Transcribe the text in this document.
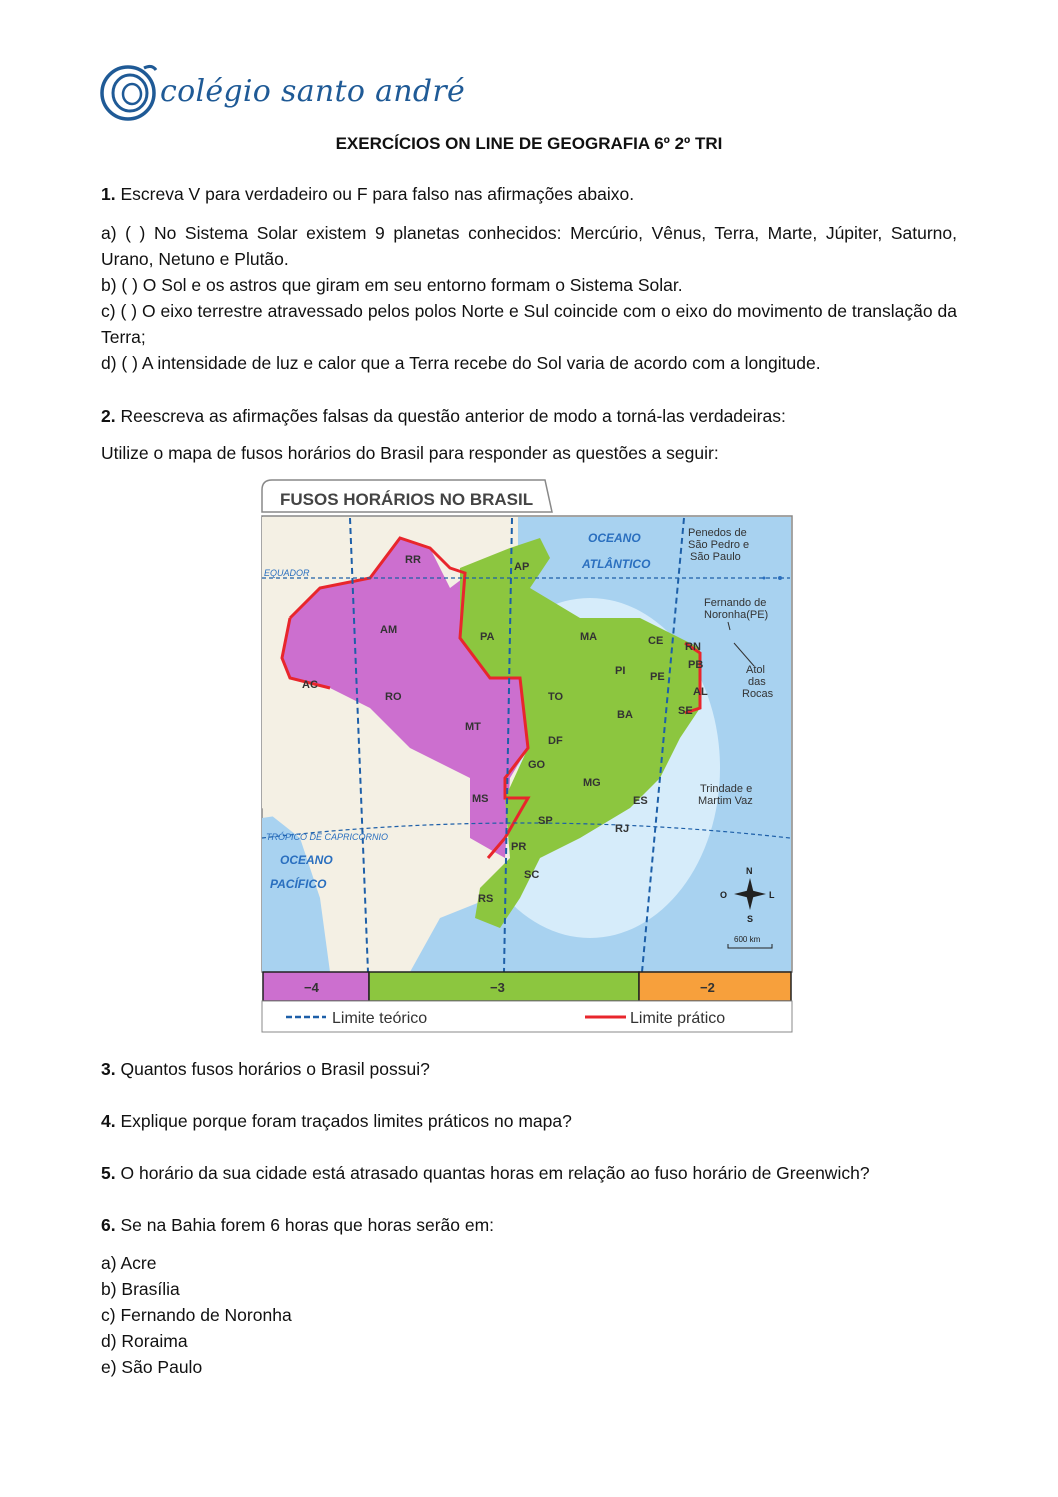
colégio santo andré
EXERCÍCIOS ON LINE DE GEOGRAFIA 6º 2º TRI
1. Escreva V para verdadeiro ou F para falso nas afirmações abaixo.
a) ( ) No Sistema Solar existem 9 planetas conhecidos: Mercúrio, Vênus, Terra, Marte, Júpiter, Saturno, Urano, Netuno e Plutão.
b) ( ) O Sol e os astros que giram em seu entorno formam o Sistema Solar.
c) ( ) O eixo terrestre atravessado pelos polos Norte e Sul coincide com o eixo do movimento de translação da Terra;
d) ( ) A intensidade de luz e calor que a Terra recebe do Sol varia de acordo com a longitude.
2. Reescreva as afirmações falsas da questão anterior de modo a torná-las verdadeiras:
Utilize o mapa de fusos horários do Brasil para responder as questões a seguir:
FUSOS HORÁRIOS NO BRASIL
RR
AM
AC
RO
MT
MS
AP
PA	MA	CE RN
PB
PE
AL
SE
PI
TO
BA
DF
GO
MG
ES
SP
RJ
PR
SC
RS
OCEANO
ATLÂNTICO
OCEANO
PACÍFICO
EQUADOR
TRÓPICO DE CAPRICÓRNIO
Penedos de
São Pedro e
São Paulo
Fernando de
Noronha(PE)
Atol
das
Rocas
Trindade e
Martim Vaz
N
S
L
O
600 km
−4	−3	−2
Limite teórico	Limite prático
3. Quantos fusos horários o Brasil possui?
4. Explique porque foram traçados limites práticos no mapa?
5. O horário da sua cidade está atrasado quantas horas em relação ao fuso horário de Greenwich?
6. Se na Bahia forem 6 horas que horas serão em:
a) Acre
b) Brasília
c) Fernando de Noronha
d) Roraima
e) São Paulo
